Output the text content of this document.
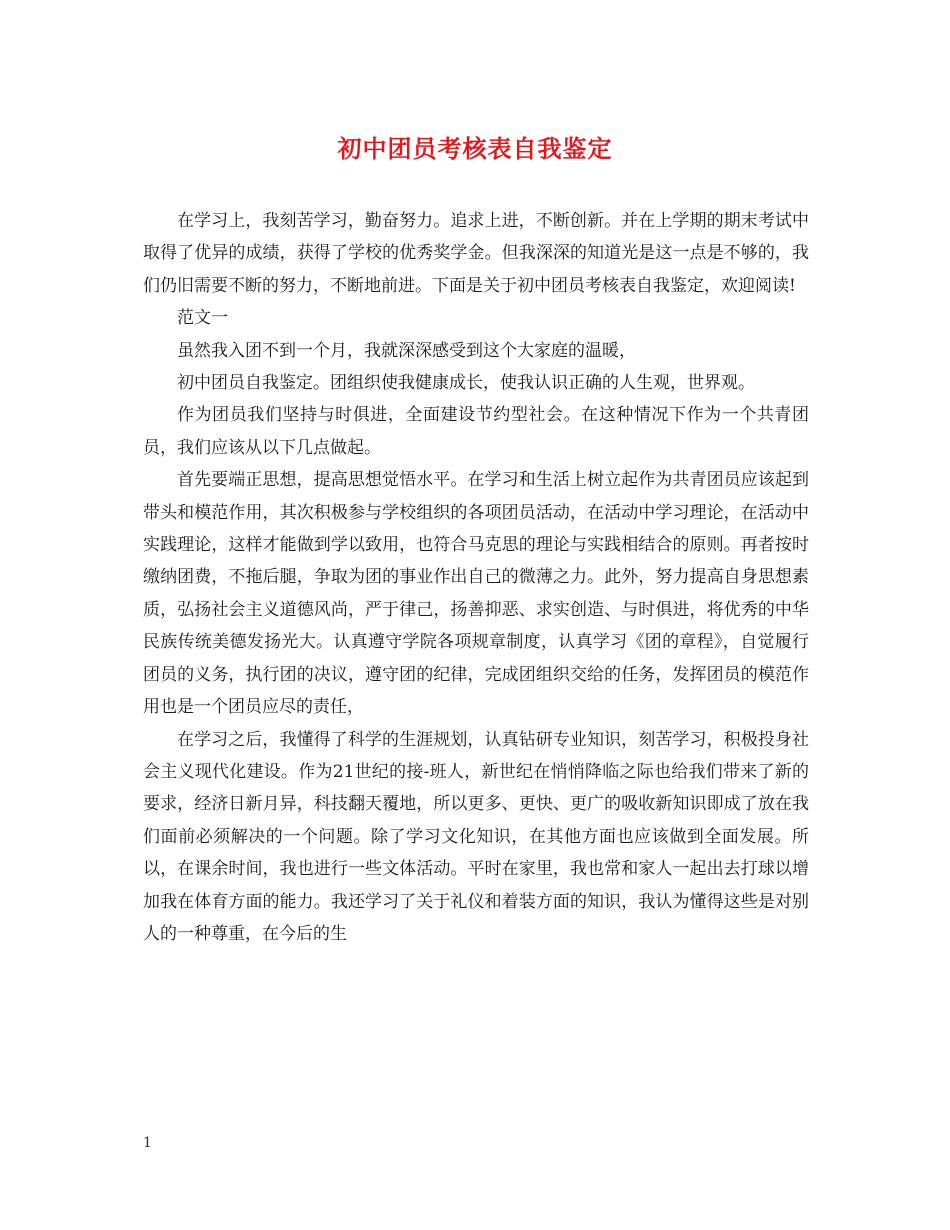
初中团员考核表自我鉴定

在学习上，我刻苦学习，勤奋努力。追求上进，不断创新。并在上学期的期末考试中取得了优异的成绩，获得了学校的优秀奖学金。但我深深的知道光是这一点是不够的，我们仍旧需要不断的努力，不断地前进。下面是关于初中团员考核表自我鉴定，欢迎阅读!

范文一

虽然我入团不到一个月，我就深深感受到这个大家庭的温暖，

初中团员自我鉴定。团组织使我健康成长，使我认识正确的人生观，世界观。

作为团员我们坚持与时俱进，全面建设节约型社会。在这种情况下作为一个共青团员，我们应该从以下几点做起。

首先要端正思想，提高思想觉悟水平。在学习和生活上树立起作为共青团员应该起到带头和模范作用，其次积极参与学校组织的各项团员活动，在活动中学习理论，在活动中实践理论，这样才能做到学以致用，也符合马克思的理论与实践相结合的原则。再者按时缴纳团费，不拖后腿，争取为团的事业作出自己的微薄之力。此外，努力提高自身思想素质，弘扬社会主义道德风尚，严于律己，扬善抑恶、求实创造、与时俱进，将优秀的中华民族传统美德发扬光大。认真遵守学院各项规章制度，认真学习《团的章程》，自觉履行团员的义务，执行团的决议，遵守团的纪律，完成团组织交给的任务，发挥团员的模范作用也是一个团员应尽的责任，

在学习之后，我懂得了科学的生涯规划，认真钻研专业知识，刻苦学习，积极投身社会主义现代化建设。作为21世纪的接-班人，新世纪在悄悄降临之际也给我们带来了新的要求，经济日新月异，科技翻天覆地，所以更多、更快、更广的吸收新知识即成了放在我们面前必须解决的一个问题。除了学习文化知识，在其他方面也应该做到全面发展。所以，在课余时间，我也进行一些文体活动。平时在家里，我也常和家人一起出去打球以增加我在体育方面的能力。我还学习了关于礼仪和着装方面的知识，我认为懂得这些是对别人的一种尊重，在今后的生

1
